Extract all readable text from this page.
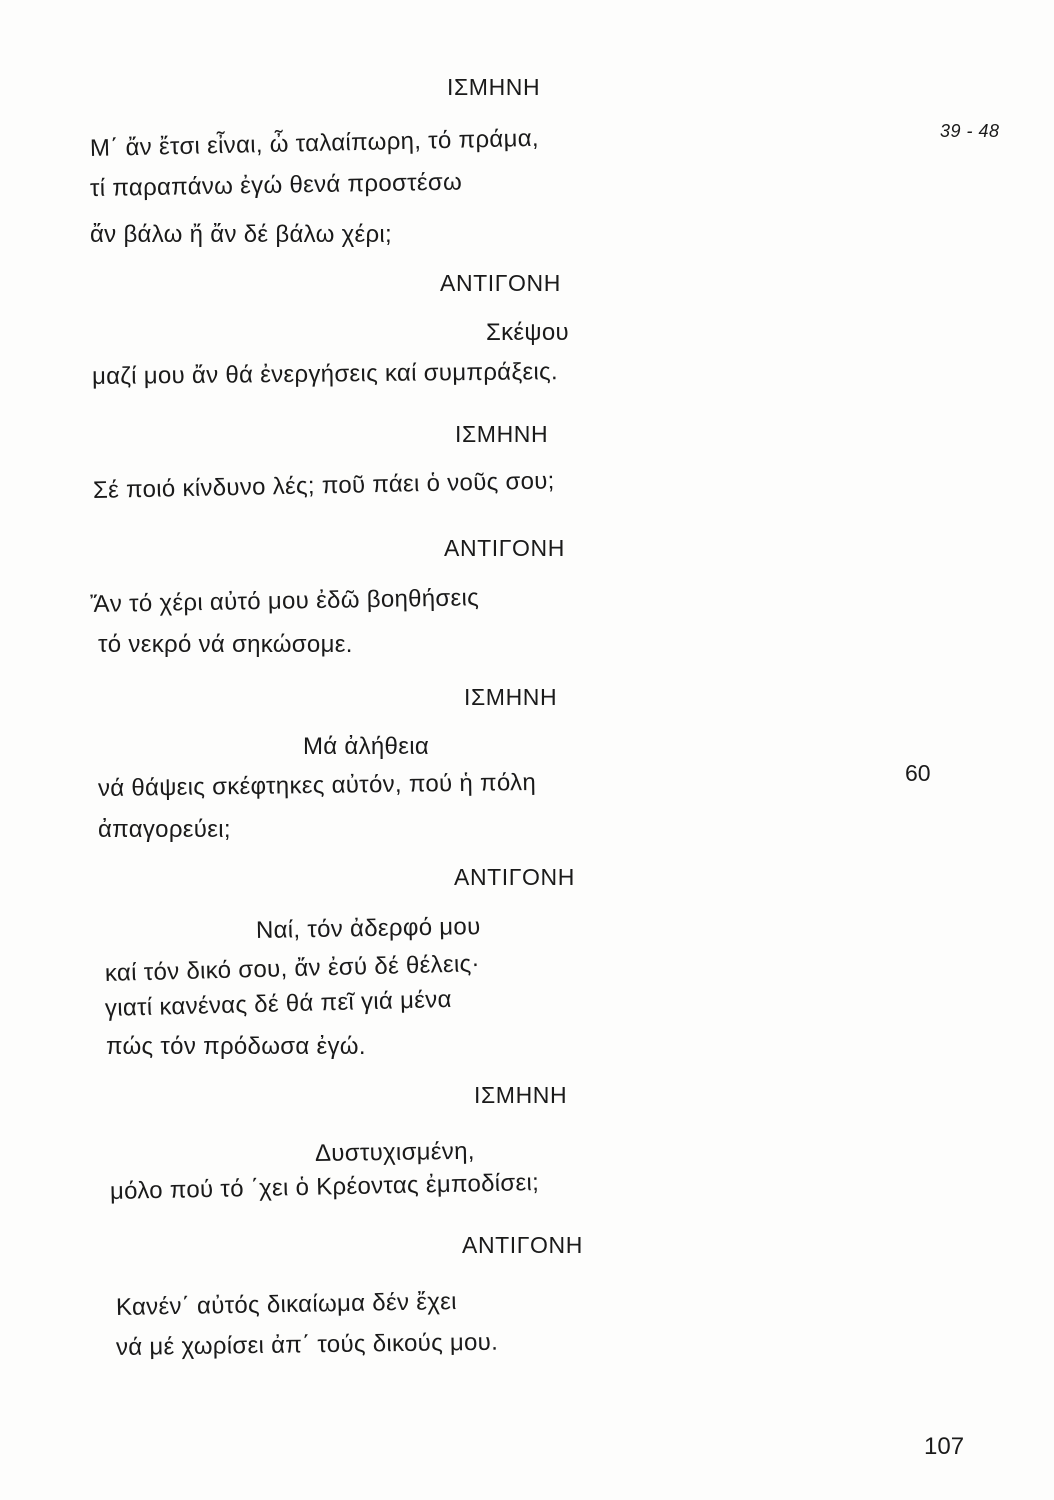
39 - 48
60
107
ΙΣΜΗΝΗ
Μ΄ ἄν ἔτσι εἶναι, ὦ ταλαίπωρη, τό πράμα,
τί παραπάνω ἐγώ θενά προστέσω
ἄν βάλω ἤ ἄν δέ βάλω χέρι;
ΑΝΤΙΓΟΝΗ
Σκέψου
μαζί μου ἄν θά ἐνεργήσεις καί συμπράξεις.
ΙΣΜΗΝΗ
Σέ ποιό κίνδυνο λές; ποῦ πάει ὁ νοῦς σου;
ΑΝΤΙΓΟΝΗ
Ἄν τό χέρι αὐτό μου ἐδῶ βοηθήσεις
τό νεκρό νά σηκώσομε.
ΙΣΜΗΝΗ
Μά ἀλήθεια
νά θάψεις σκέφτηκες αὐτόν, πού ἡ πόλη
ἀπαγορεύει;
ΑΝΤΙΓΟΝΗ
Ναί, τόν ἀδερφό μου
καί τόν δικό σου, ἄν ἐσύ δέ θέλεις·
γιατί κανένας δέ θά πεῖ γιά μένα
πώς τόν πρόδωσα ἐγώ.
ΙΣΜΗΝΗ
Δυστυχισμένη,
μόλο πού τό ΄χει ὁ Κρέοντας ἐμποδίσει;
ΑΝΤΙΓΟΝΗ
Κανέν΄ αὐτός δικαίωμα δέν ἔχει
νά μέ χωρίσει ἀπ΄ τούς δικούς μου.
